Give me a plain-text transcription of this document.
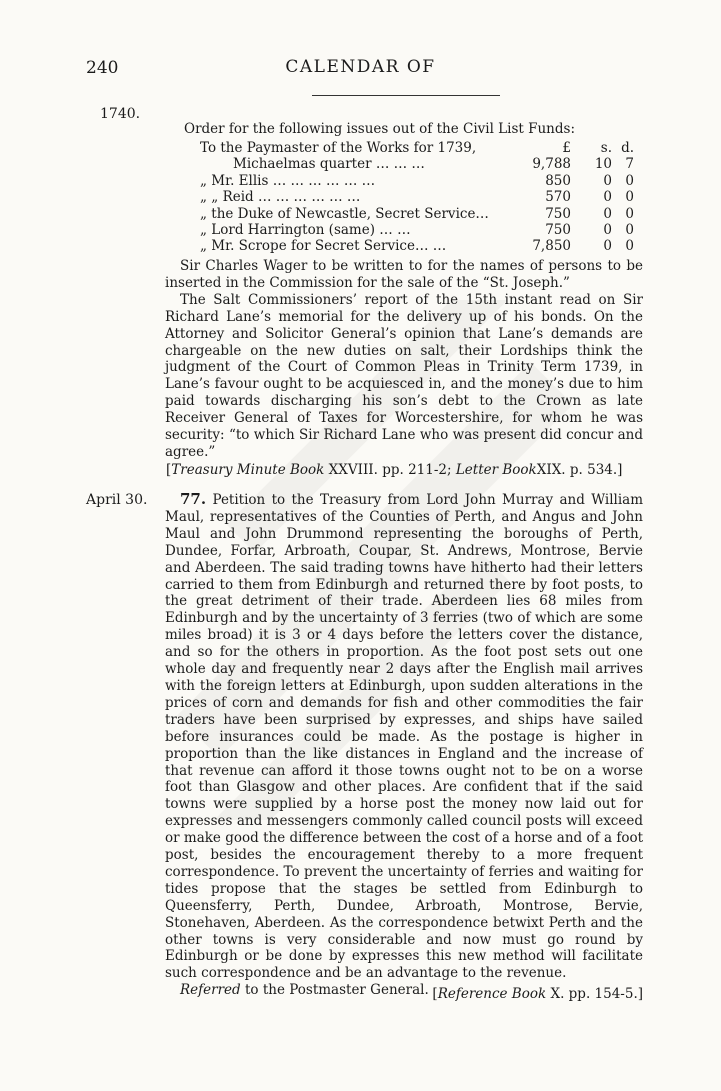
240	CALENDAR OF
1740.

Order for the following issues out of the Civil List Funds:

To the Paymaster of the Works for 1739,	£ s. d.
Michaelmas quarter … … …	9,788 10 7
„ Mr. Ellis … … … … … …	850 0 0
„ „ Reid … … … … … …	570 0 0
„ the Duke of Newcastle, Secret Service…	750 0 0
„ Lord Harrington (same) … …	750 0 0
„ Mr. Scrope for Secret Service… …	7,850 0 0

Sir Charles Wager to be written to for the names of persons to be inserted in the Commission for the sale of the “St. Joseph.”

The Salt Commissioners’ report of the 15th instant read on Sir Richard Lane’s memorial for the delivery up of his bonds. On the Attorney and Solicitor General’s opinion that Lane’s demands are chargeable on the new duties on salt, their Lordships think the judgment of the Court of Common Pleas in Trinity Term 1739, in Lane’s favour ought to be acquiesced in, and the money’s due to him paid towards discharging his son’s debt to the Crown as late Receiver General of Taxes for Worcestershire, for whom he was security: “to which Sir Richard Lane who was present did concur and agree.”

[Treasury Minute Book XXVIII. pp. 211-2; Letter BookXIX. p. 534.]
April 30.	77. Petition to the Treasury from Lord John Murray and William Maul, representatives of the Counties of Perth, and Angus and John Maul and John Drummond representing the boroughs of Perth, Dundee, Forfar, Arbroath, Coupar, St. Andrews, Montrose, Bervie and Aberdeen. The said trading towns have hitherto had their letters carried to them from Edinburgh and returned there by foot posts, to the great detriment of their trade. Aberdeen lies 68 miles from Edinburgh and by the uncertainty of 3 ferries (two of which are some miles broad) it is 3 or 4 days before the letters cover the distance, and so for the others in proportion. As the foot post sets out one whole day and frequently near 2 days after the English mail arrives with the foreign letters at Edinburgh, upon sudden alterations in the prices of corn and demands for fish and other commodities the fair traders have been surprised by expresses, and ships have sailed before insurances could be made. As the postage is higher in proportion than the like distances in England and the increase of that revenue can afford it those towns ought not to be on a worse foot than Glasgow and other places. Are confident that if the said towns were supplied by a horse post the money now laid out for expresses and messengers commonly called council posts will exceed or make good the difference between the cost of a horse and of a foot post, besides the encouragement thereby to a more frequent correspondence. To prevent the uncertainty of ferries and waiting for tides propose that the stages be settled from Edinburgh to Queensferry, Perth, Dundee, Arbroath, Montrose, Bervie, Stonehaven, Aberdeen. As the correspondence betwixt Perth and the other towns is very considerable and now must go round by Edinburgh or be done by expresses this new method will facilitate such correspondence and be an advantage to the revenue.

Referred to the Postmaster General. [Reference Book X. pp. 154-5.]
